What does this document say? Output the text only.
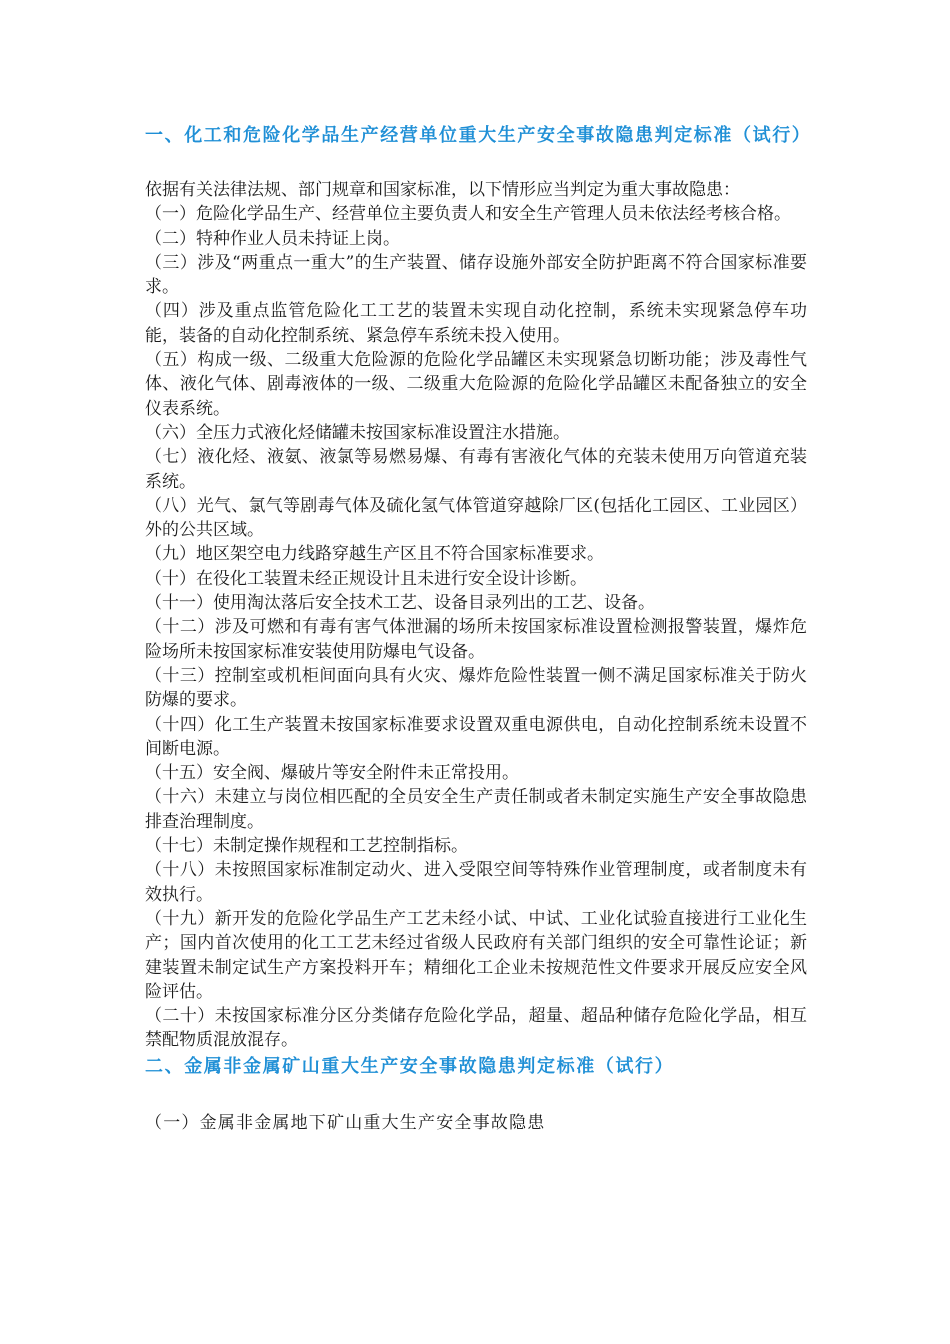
一、化工和危险化学品生产经营单位重大生产安全事故隐患判定标准（试行）

依据有关法律法规、部门规章和国家标准，以下情形应当判定为重大事故隐患：

（一）危险化学品生产、经营单位主要负责人和安全生产管理人员未依法经考核合格。

（二）特种作业人员未持证上岗。

（三）涉及“两重点一重大”的生产装置、储存设施外部安全防护距离不符合国家标准要求。

（四）涉及重点监管危险化工工艺的装置未实现自动化控制，系统未实现紧急停车功能，装备的自动化控制系统、紧急停车系统未投入使用。

（五）构成一级、二级重大危险源的危险化学品罐区未实现紧急切断功能；涉及毒性气体、液化气体、剧毒液体的一级、二级重大危险源的危险化学品罐区未配备独立的安全仪表系统。

（六）全压力式液化烃储罐未按国家标准设置注水措施。

（七）液化烃、液氨、液氯等易燃易爆、有毒有害液化气体的充装未使用万向管道充装系统。

（八）光气、氯气等剧毒气体及硫化氢气体管道穿越除厂区(包括化工园区、工业园区）外的公共区域。

（九）地区架空电力线路穿越生产区且不符合国家标准要求。

（十）在役化工装置未经正规设计且未进行安全设计诊断。

（十一）使用淘汰落后安全技术工艺、设备目录列出的工艺、设备。

（十二）涉及可燃和有毒有害气体泄漏的场所未按国家标准设置检测报警装置，爆炸危险场所未按国家标准安装使用防爆电气设备。

（十三）控制室或机柜间面向具有火灾、爆炸危险性装置一侧不满足国家标准关于防火防爆的要求。

（十四）化工生产装置未按国家标准要求设置双重电源供电，自动化控制系统未设置不间断电源。

（十五）安全阀、爆破片等安全附件未正常投用。

（十六）未建立与岗位相匹配的全员安全生产责任制或者未制定实施生产安全事故隐患排查治理制度。

（十七）未制定操作规程和工艺控制指标。

（十八）未按照国家标准制定动火、进入受限空间等特殊作业管理制度，或者制度未有效执行。

（十九）新开发的危险化学品生产工艺未经小试、中试、工业化试验直接进行工业化生产；国内首次使用的化工工艺未经过省级人民政府有关部门组织的安全可靠性论证；新建装置未制定试生产方案投料开车；精细化工企业未按规范性文件要求开展反应安全风险评估。

（二十）未按国家标准分区分类储存危险化学品，超量、超品种储存危险化学品，相互禁配物质混放混存。

二、金属非金属矿山重大生产安全事故隐患判定标准（试行）

（一）金属非金属地下矿山重大生产安全事故隐患
